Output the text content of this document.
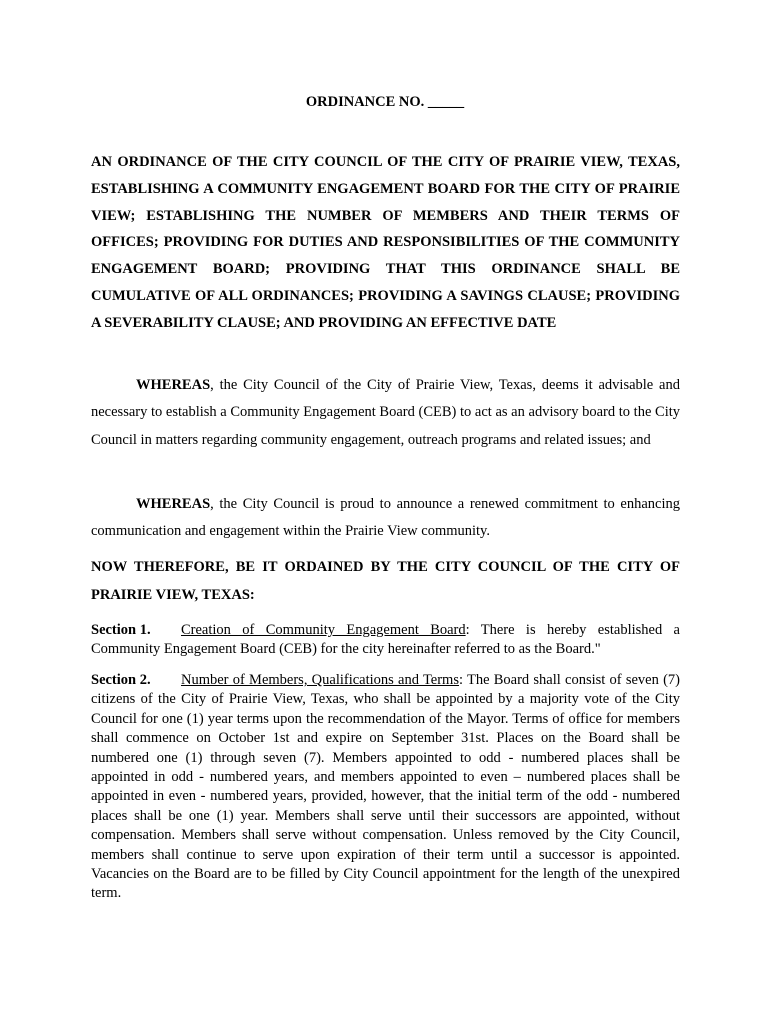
ORDINANCE NO. _____
AN ORDINANCE OF THE CITY COUNCIL OF THE CITY OF PRAIRIE VIEW, TEXAS, ESTABLISHING A COMMUNITY ENGAGEMENT BOARD FOR THE CITY OF PRAIRIE VIEW; ESTABLISHING THE NUMBER OF MEMBERS AND THEIR TERMS OF OFFICES; PROVIDING FOR DUTIES AND RESPONSIBILITIES OF THE COMMUNITY ENGAGEMENT BOARD; PROVIDING THAT THIS ORDINANCE SHALL BE CUMULATIVE OF ALL ORDINANCES; PROVIDING A SAVINGS CLAUSE; PROVIDING A SEVERABILITY CLAUSE; AND PROVIDING AN EFFECTIVE DATE
WHEREAS, the City Council of the City of Prairie View, Texas, deems it advisable and necessary to establish a Community Engagement Board (CEB) to act as an advisory board to the City Council in matters regarding community engagement, outreach programs and related issues; and
WHEREAS, the City Council is proud to announce a renewed commitment to enhancing communication and engagement within the Prairie View community.
NOW THEREFORE, BE IT ORDAINED BY THE CITY COUNCIL OF THE CITY OF PRAIRIE VIEW, TEXAS:
Section 1. Creation of Community Engagement Board: There is hereby established a Community Engagement Board (CEB) for the city hereinafter referred to as the Board."
Section 2. Number of Members, Qualifications and Terms: The Board shall consist of seven (7) citizens of the City of Prairie View, Texas, who shall be appointed by a majority vote of the City Council for one (1) year terms upon the recommendation of the Mayor. Terms of office for members shall commence on October 1st and expire on September 31st. Places on the Board shall be numbered one (1) through seven (7). Members appointed to odd - numbered places shall be appointed in odd - numbered years, and members appointed to even – numbered places shall be appointed in even - numbered years, provided, however, that the initial term of the odd - numbered places shall be one (1) year. Members shall serve until their successors are appointed, without compensation. Members shall serve without compensation. Unless removed by the City Council, members shall continue to serve upon expiration of their term until a successor is appointed. Vacancies on the Board are to be filled by City Council appointment for the length of the unexpired term.
